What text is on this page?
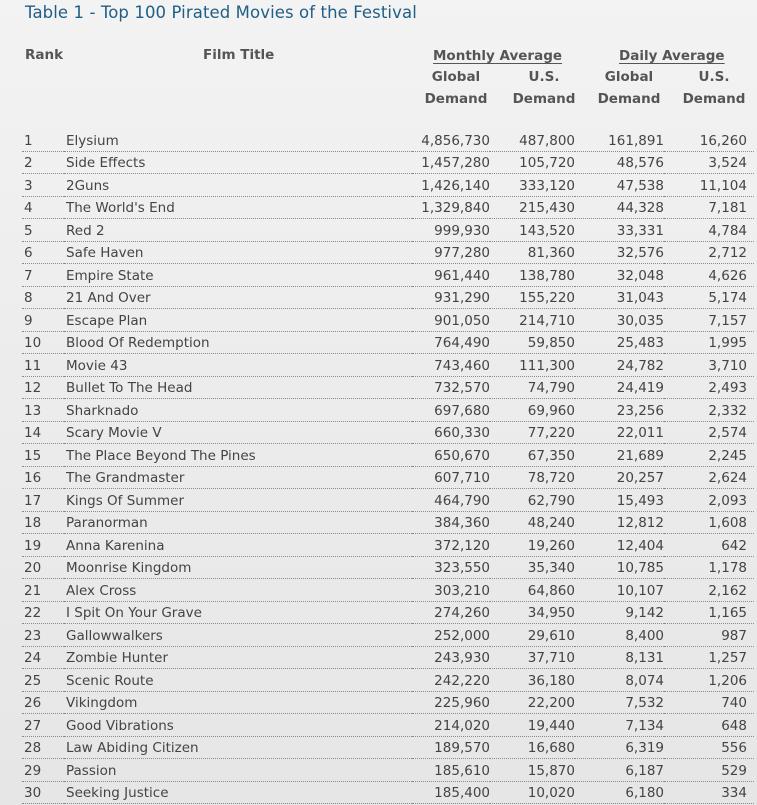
Table 1 - Top 100 Pirated Movies of the Festival
Rank	Film Title	Monthly Average	Daily Average
Global	U.S.	Global	U.S.
Demand Demand Demand Demand
1	Elysium	4,856,730	487,800	161,891	16,260
2	Side Effects	1,457,280	105,720	48,576	3,524
3	2Guns	1,426,140	333,120	47,538	11,104
4	The World's End	1,329,840	215,430	44,328	7,181
5	Red 2	999,930	143,520	33,331	4,784
6	Safe Haven	977,280	81,360	32,576	2,712
7	Empire State	961,440	138,780	32,048	4,626
8	21 And Over	931,290	155,220	31,043	5,174
9	Escape Plan	901,050	214,710	30,035	7,157
10	Blood Of Redemption	764,490	59,850	25,483	1,995
11	Movie 43	743,460	111,300	24,782	3,710
12	Bullet To The Head	732,570	74,790	24,419	2,493
13	Sharknado	697,680	69,960	23,256	2,332
14	Scary Movie V	660,330	77,220	22,011	2,574
15	The Place Beyond The Pines	650,670	67,350	21,689	2,245
16	The Grandmaster	607,710	78,720	20,257	2,624
17	Kings Of Summer	464,790	62,790	15,493	2,093
18	Paranorman	384,360	48,240	12,812	1,608
19	Anna Karenina	372,120	19,260	12,404	642
20	Moonrise Kingdom	323,550	35,340	10,785	1,178
21	Alex Cross	303,210	64,860	10,107	2,162
22	I Spit On Your Grave	274,260	34,950	9,142	1,165
23	Gallowwalkers	252,000	29,610	8,400	987
24	Zombie Hunter	243,930	37,710	8,131	1,257
25	Scenic Route	242,220	36,180	8,074	1,206
26	Vikingdom	225,960	22,200	7,532	740
27	Good Vibrations	214,020	19,440	7,134	648
28	Law Abiding Citizen	189,570	16,680	6,319	556
29	Passion	185,610	15,870	6,187	529
30	Seeking Justice	185,400	10,020	6,180	334
